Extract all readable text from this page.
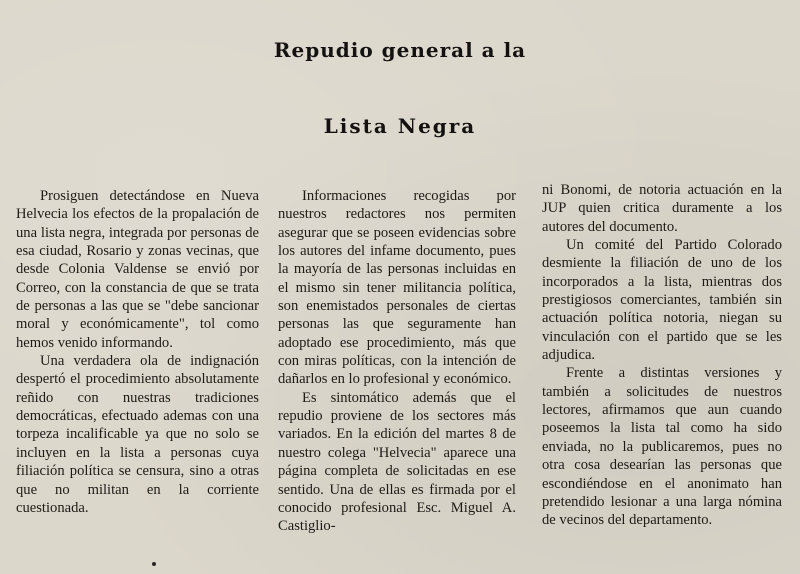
Repudio general a la
Lista Negra

Prosiguen detectándose en Nueva Helvecia los efectos de la propalación de una lista negra, integrada por personas de esa ciudad, Rosario y zonas vecinas, que desde Colonia Valdense se envió por Correo, con la constancia de que se trata de personas a las que se "debe sancionar moral y económicamente", tol como hemos venido informando.

Una verdadera ola de indignación despertó el procedimiento absolutamente reñido con nuestras tradiciones democráticas, efectuado ademas con una torpeza incalificable ya que no solo se incluyen en la lista a personas cuya filiación política se censura, sino a otras que no militan en la corriente cuestionada.

Informaciones recogidas por nuestros redactores nos permiten asegurar que se poseen evidencias sobre los autores del infame documento, pues la mayoría de las personas incluidas en el mismo sin tener militancia política, son enemistados personales de ciertas personas las que seguramente han adoptado ese procedimiento, más que con miras políticas, con la intención de dañarlos en lo profesional y económico.

Es sintomático además que el repudio proviene de los sectores más variados. En la edición del martes 8 de nuestro colega "Helvecia" aparece una página completa de solicitadas en ese sentido. Una de ellas es firmada por el conocido profesional Esc. Miguel A. Castiglio-

ni Bonomi, de notoria actuación en la JUP quien critica duramente a los autores del documento.

Un comité del Partido Colorado desmiente la filiación de uno de los incorporados a la lista, mientras dos prestigiosos comerciantes, también sin actuación política notoria, niegan su vinculación con el partido que se les adjudica.

Frente a distintas versiones y también a solicitudes de nuestros lectores, afirmamos que aun cuando poseemos la lista tal como ha sido enviada, no la publicaremos, pues no otra cosa desearían las personas que escondiéndose en el anonimato han pretendido lesionar a una larga nómina de vecinos del departamento.
